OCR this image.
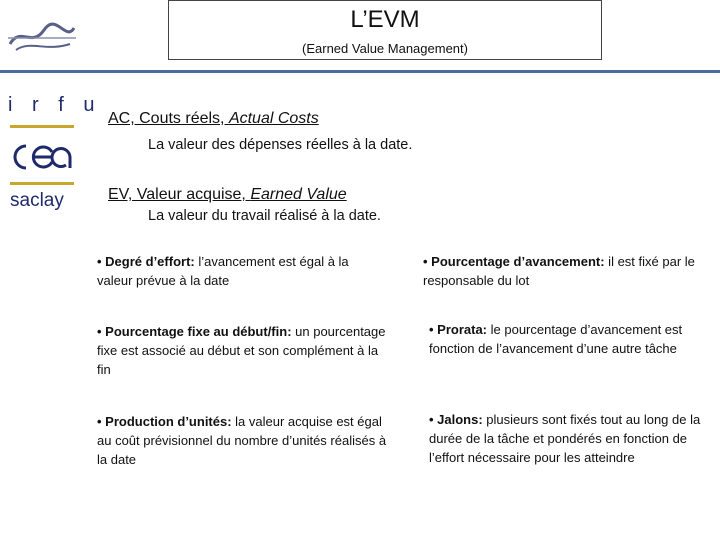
L’EVM
(Earned Value Management)
i r f u
saclay
AC, Couts réels, Actual Costs
La valeur des dépenses réelles à la date.
EV, Valeur acquise, Earned Value
La valeur du travail réalisé à la date.
• Degré d’effort: l’avancement est égal à la valeur prévue à la date
• Pourcentage d’avancement: il est fixé par le responsable du lot
• Pourcentage fixe au début/fin: un pourcentage fixe est associé au début et son complément à la fin
• Prorata: le pourcentage d’avancement est fonction de l’avancement d’une autre tâche
• Production d’unités: la valeur acquise est égal au coût prévisionnel du nombre d’unités réalisés à la date
• Jalons: plusieurs sont fixés tout au long de la durée de la tâche et pondérés en fonction de l’effort nécessaire pour les atteindre
